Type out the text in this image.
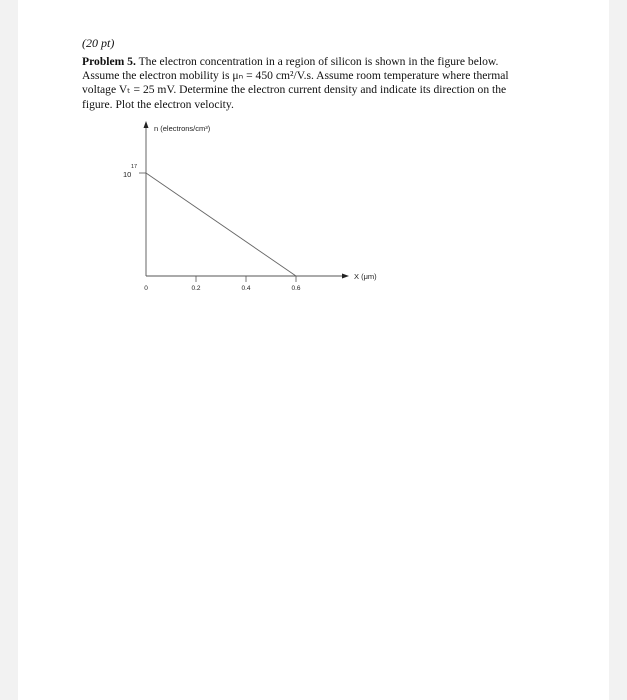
(20 pt)
Problem 5. The electron concentration in a region of silicon is shown in the figure below.
Assume the electron mobility is μₙ = 450 cm²/V.s. Assume room temperature where thermal
voltage Vₜ = 25 mV. Determine the electron current density and indicate its direction on the
figure. Plot the electron velocity.
n (electrons/cm³)
X (μm)
10
17
0	0.2	0.4	0.6
